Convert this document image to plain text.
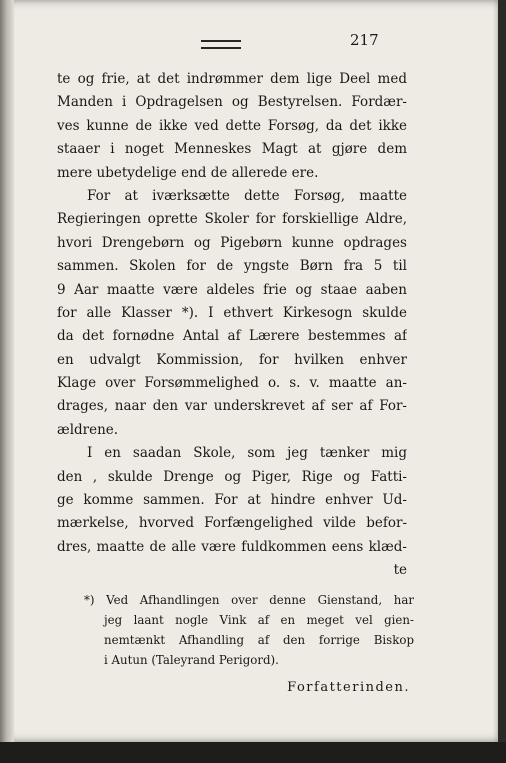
217
te og frie, at det indrømmer dem lige Deel med
Manden i Opdragelsen og Bestyrelsen. Fordær-
ves kunne de ikke ved dette Forsøg, da det ikke
staaer i noget Menneskes Magt at gjøre dem
mere ubetydelige end de allerede ere.
For at iværksætte dette Forsøg, maatte
Regieringen oprette Skoler for forskiellige Aldre,
hvori Drengebørn og Pigebørn kunne opdrages
sammen. Skolen for de yngste Børn fra 5 til
9 Aar maatte være aldeles frie og staae aaben
for alle Klasser *). I ethvert Kirkesogn skulde
da det fornødne Antal af Lærere bestemmes af
en udvalgt Kommission, for hvilken enhver
Klage over Forsømmelighed o. s. v. maatte an-
drages, naar den var underskrevet af ser af For-
ældrene.
I en saadan Skole, som jeg tænker mig
den , skulde Drenge og Piger, Rige og Fatti-
ge komme sammen. For at hindre enhver Ud-
mærkelse, hvorved Forfængelighed vilde befor-
dres, maatte de alle være fuldkommen eens klæd-
te
*) Ved Afhandlingen over denne Gienstand, har
jeg laant nogle Vink af en meget vel gien-
nemtænkt Afhandling af den forrige Biskop
i Autun (Taleyrand Perigord).
Forfatterinden.
